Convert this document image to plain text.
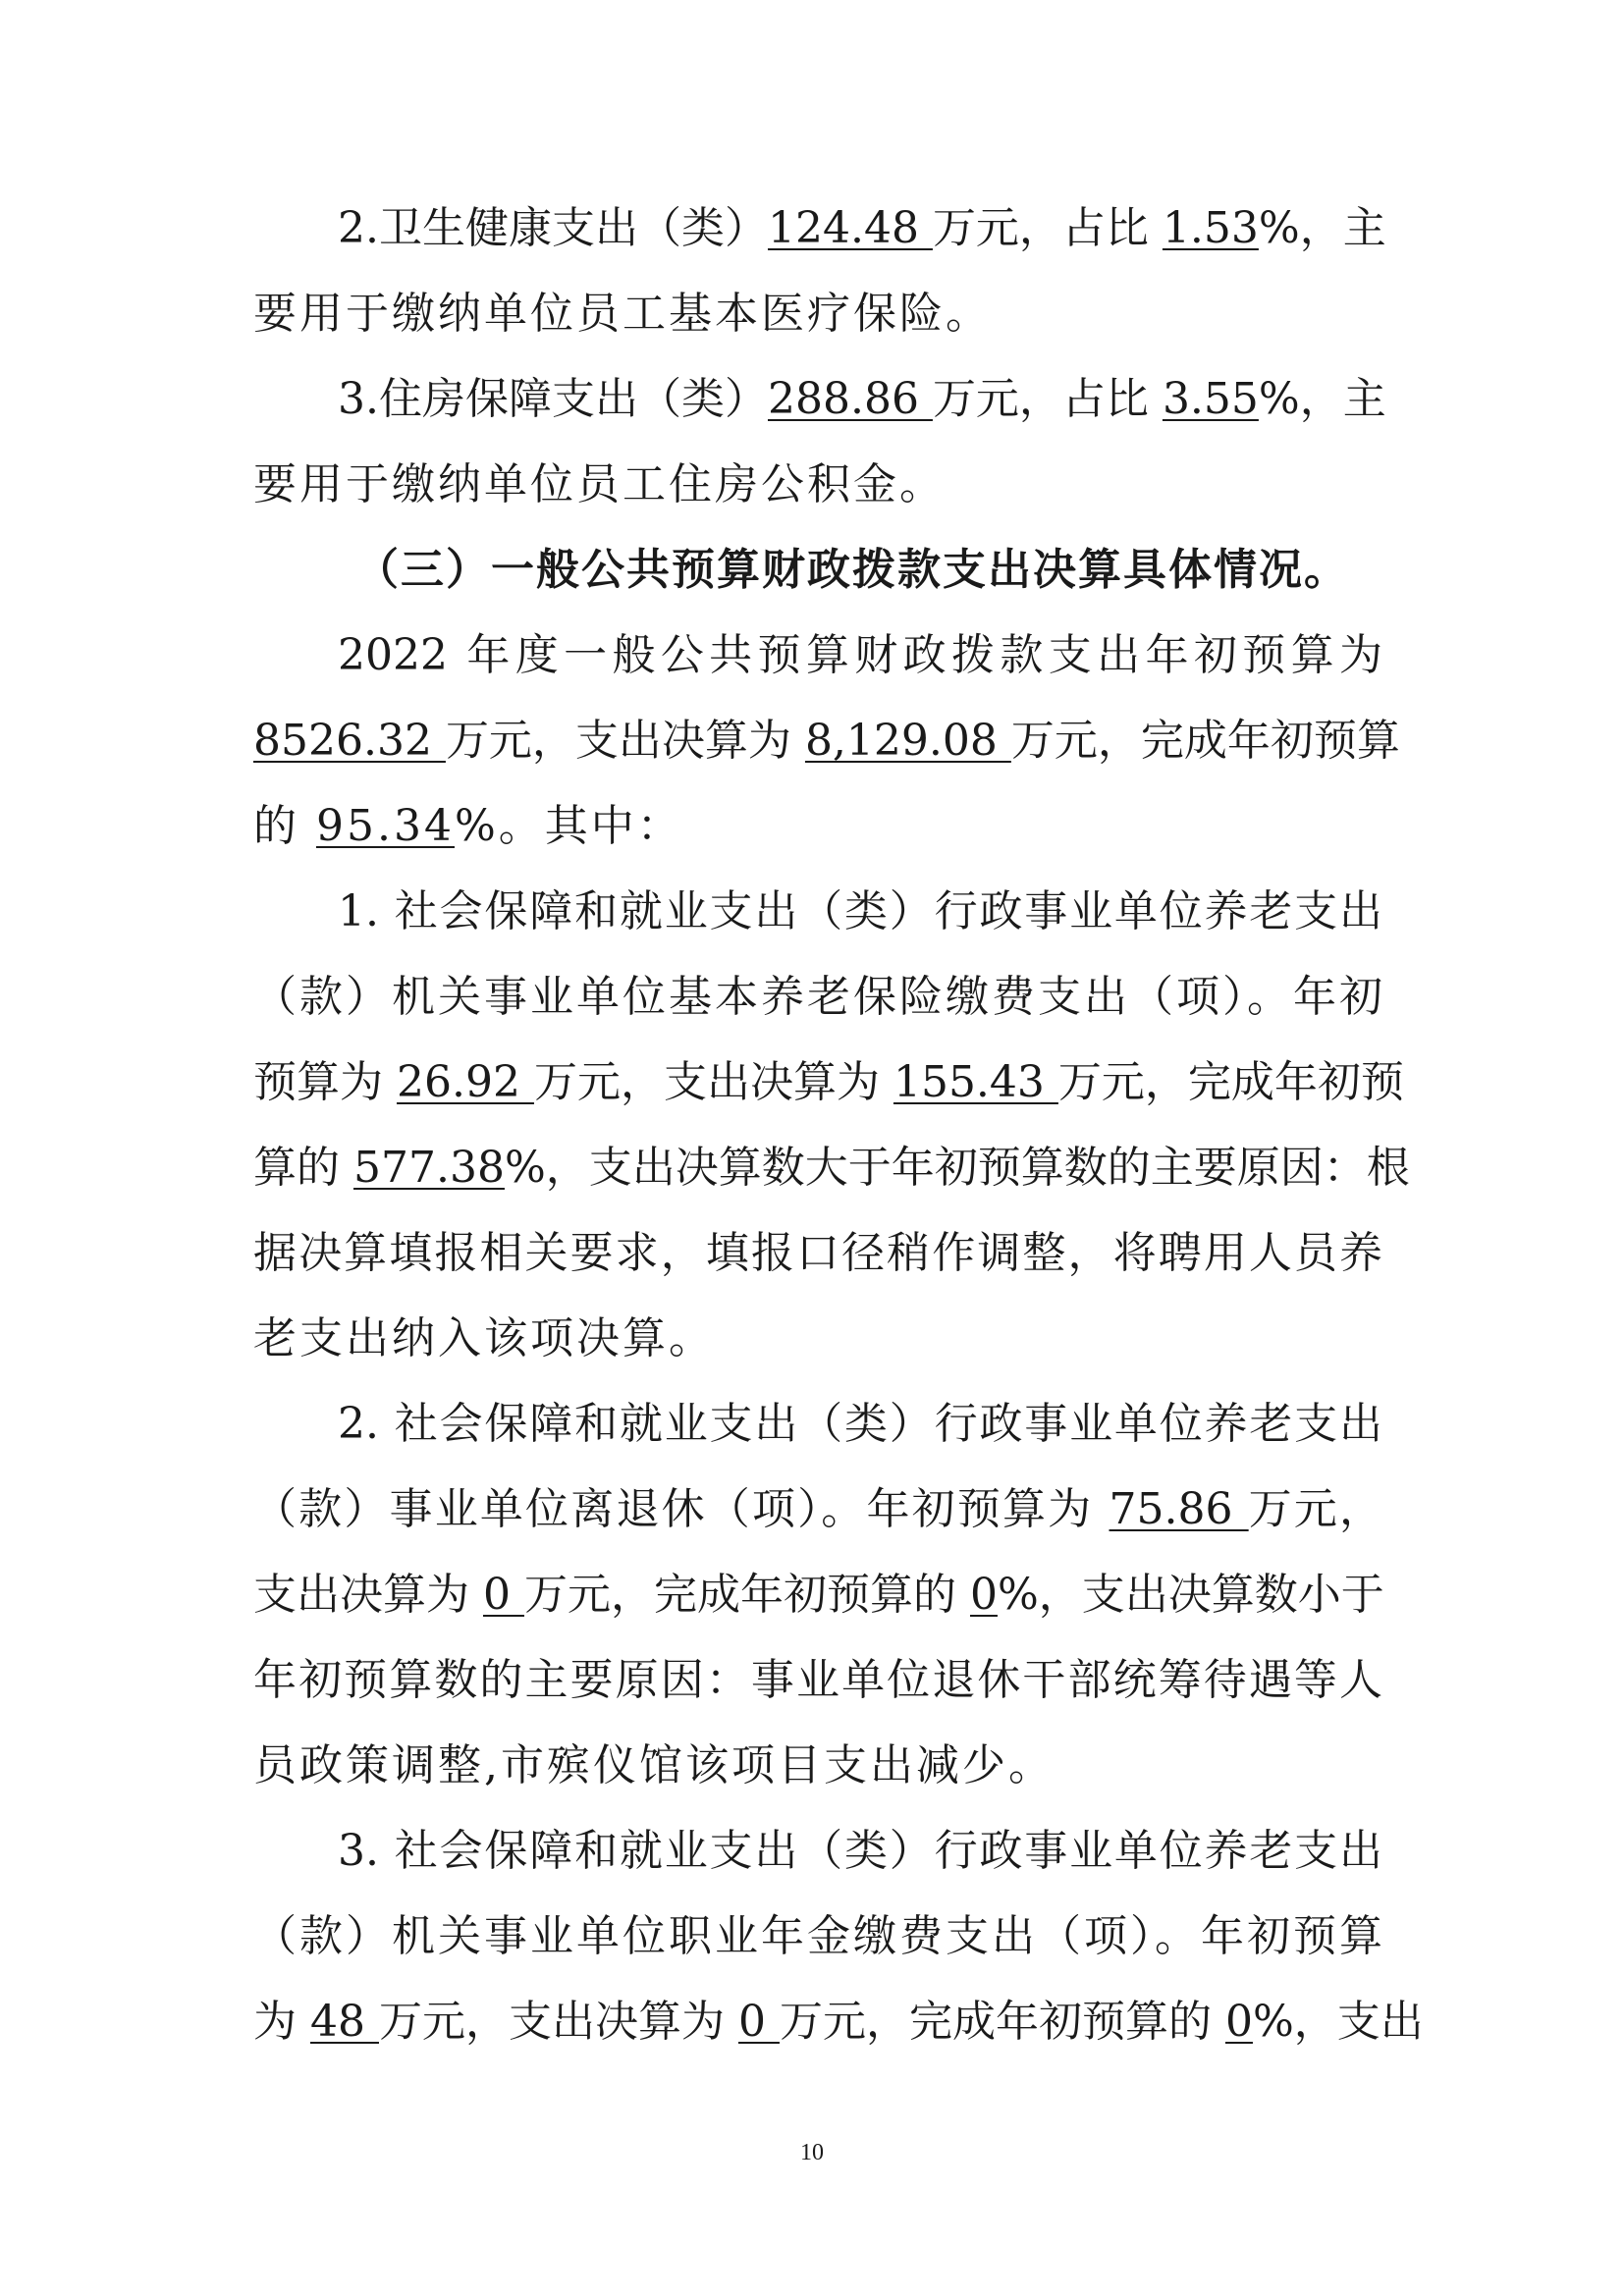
2.卫生健康支出（类）124.48 万元，占比 1.53%，主
要用于缴纳单位员工基本医疗保险。
3.住房保障支出（类）288.86 万元，占比 3.55%，主
要用于缴纳单位员工住房公积金。
（三）一般公共预算财政拨款支出决算具体情况。
2022 年度一般公共预算财政拨款支出年初预算为
8526.32 万元，支出决算为 8,129.08 万元，完成年初预算
的 95.34%。其中：
1. 社会保障和就业支出（类）行政事业单位养老支出
（款）机关事业单位基本养老保险缴费支出（项）。年初
预算为 26.92 万元，支出决算为 155.43 万元，完成年初预
算的 577.38%，支出决算数大于年初预算数的主要原因：根
据决算填报相关要求，填报口径稍作调整，将聘用人员养
老支出纳入该项决算。
2. 社会保障和就业支出（类）行政事业单位养老支出
（款）事业单位离退休（项）。年初预算为 75.86 万元，
支出决算为 0 万元，完成年初预算的 0%，支出决算数小于
年初预算数的主要原因：事业单位退休干部统筹待遇等人
员政策调整,市殡仪馆该项目支出减少。
3. 社会保障和就业支出（类）行政事业单位养老支出
（款）机关事业单位职业年金缴费支出（项）。年初预算
为 48 万元，支出决算为 0 万元，完成年初预算的 0%，支出
10
